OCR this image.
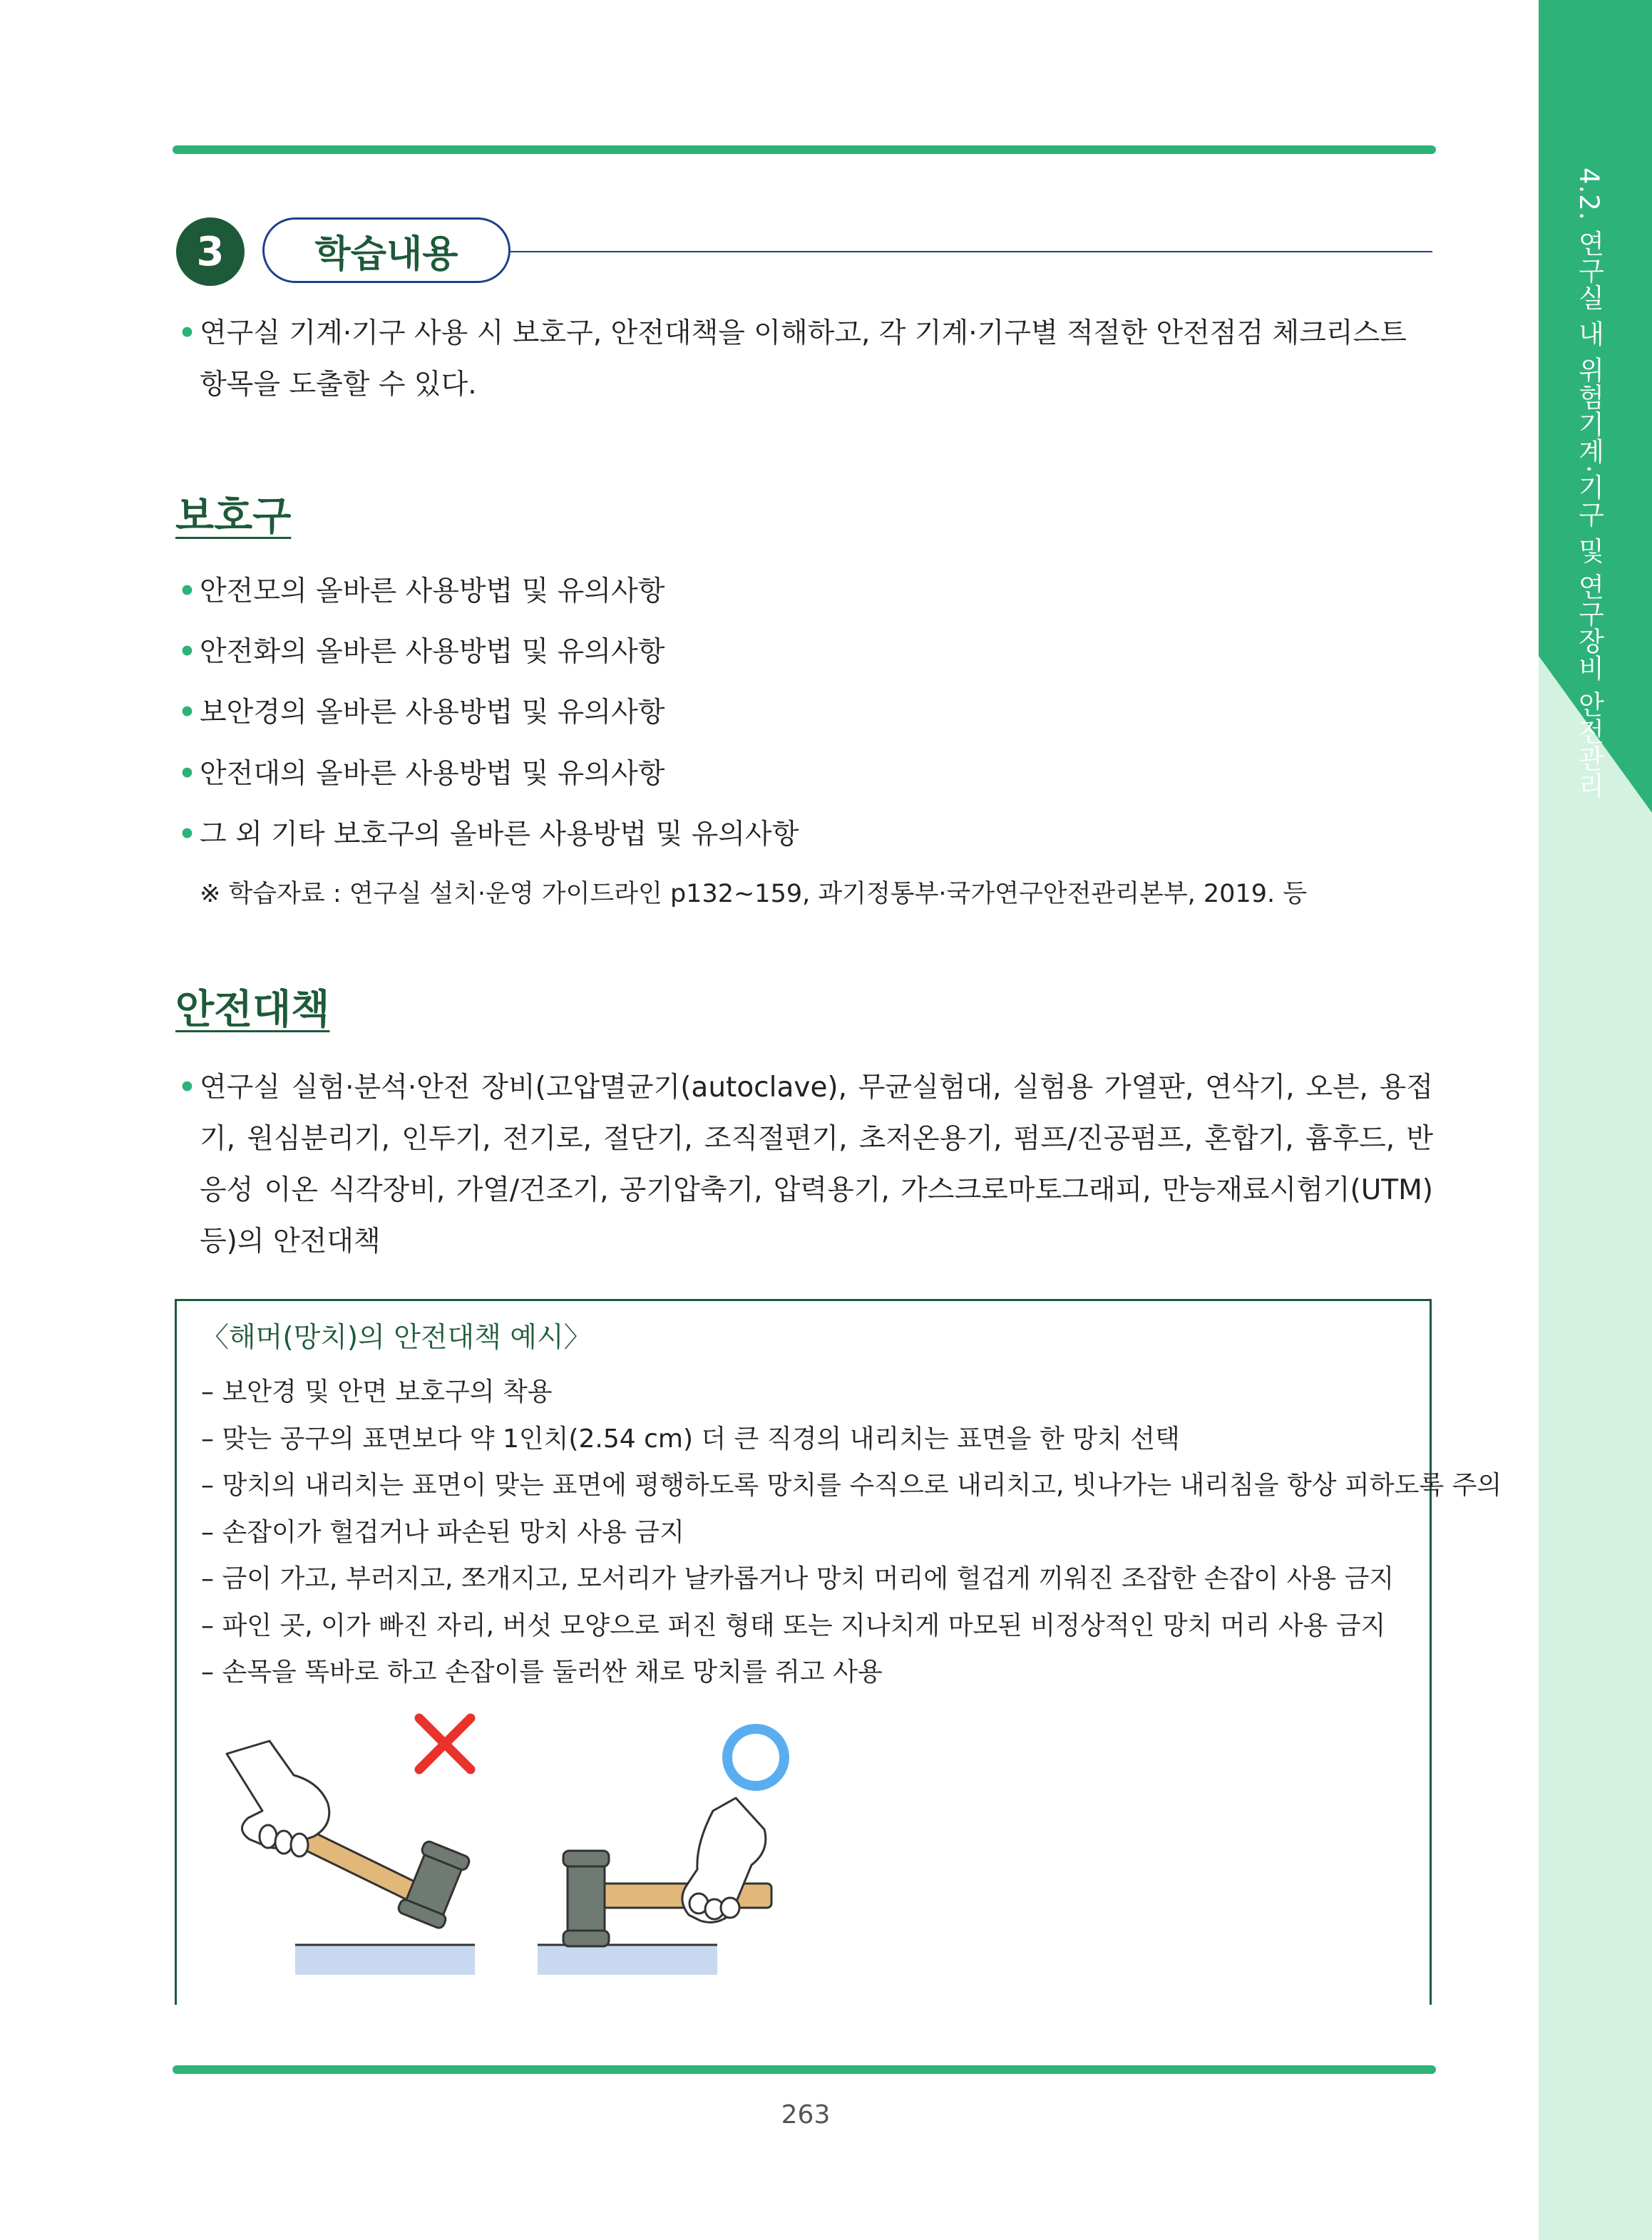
4.2. 연구실 내 위험기계·기구 및 연구장비 안전관리
3	학습내용
• 연구실 기계·기구 사용 시 보호구, 안전대책을 이해하고, 각 기계·기구별 적절한 안전점검 체크리스트 항목을 도출할 수 있다.
보호구
• 안전모의 올바른 사용방법 및 유의사항
• 안전화의 올바른 사용방법 및 유의사항
• 보안경의 올바른 사용방법 및 유의사항
• 안전대의 올바른 사용방법 및 유의사항
• 그 외 기타 보호구의 올바른 사용방법 및 유의사항
※ 학습자료 : 연구실 설치·운영 가이드라인 p132~159, 과기정통부·국가연구안전관리본부, 2019. 등
안전대책
• 연구실 실험·분석·안전 장비(고압멸균기(autoclave), 무균실험대, 실험용 가열판, 연삭기, 오븐, 용접기, 원심분리기, 인두기, 전기로, 절단기, 조직절편기, 초저온용기, 펌프/진공펌프, 혼합기, 흄후드, 반응성 이온 식각장비, 가열/건조기, 공기압축기, 압력용기, 가스크로마토그래피, 만능재료시험기(UTM) 등)의 안전대책
〈해머(망치)의 안전대책 예시〉
– 보안경 및 안면 보호구의 착용
– 맞는 공구의 표면보다 약 1인치(2.54 cm) 더 큰 직경의 내리치는 표면을 한 망치 선택
– 망치의 내리치는 표면이 맞는 표면에 평행하도록 망치를 수직으로 내리치고, 빗나가는 내리침을 항상 피하도록 주의
– 손잡이가 헐겁거나 파손된 망치 사용 금지
– 금이 가고, 부러지고, 쪼개지고, 모서리가 날카롭거나 망치 머리에 헐겁게 끼워진 조잡한 손잡이 사용 금지
– 파인 곳, 이가 빠진 자리, 버섯 모양으로 퍼진 형태 또는 지나치게 마모된 비정상적인 망치 머리 사용 금지
– 손목을 똑바로 하고 손잡이를 둘러싼 채로 망치를 쥐고 사용
263
